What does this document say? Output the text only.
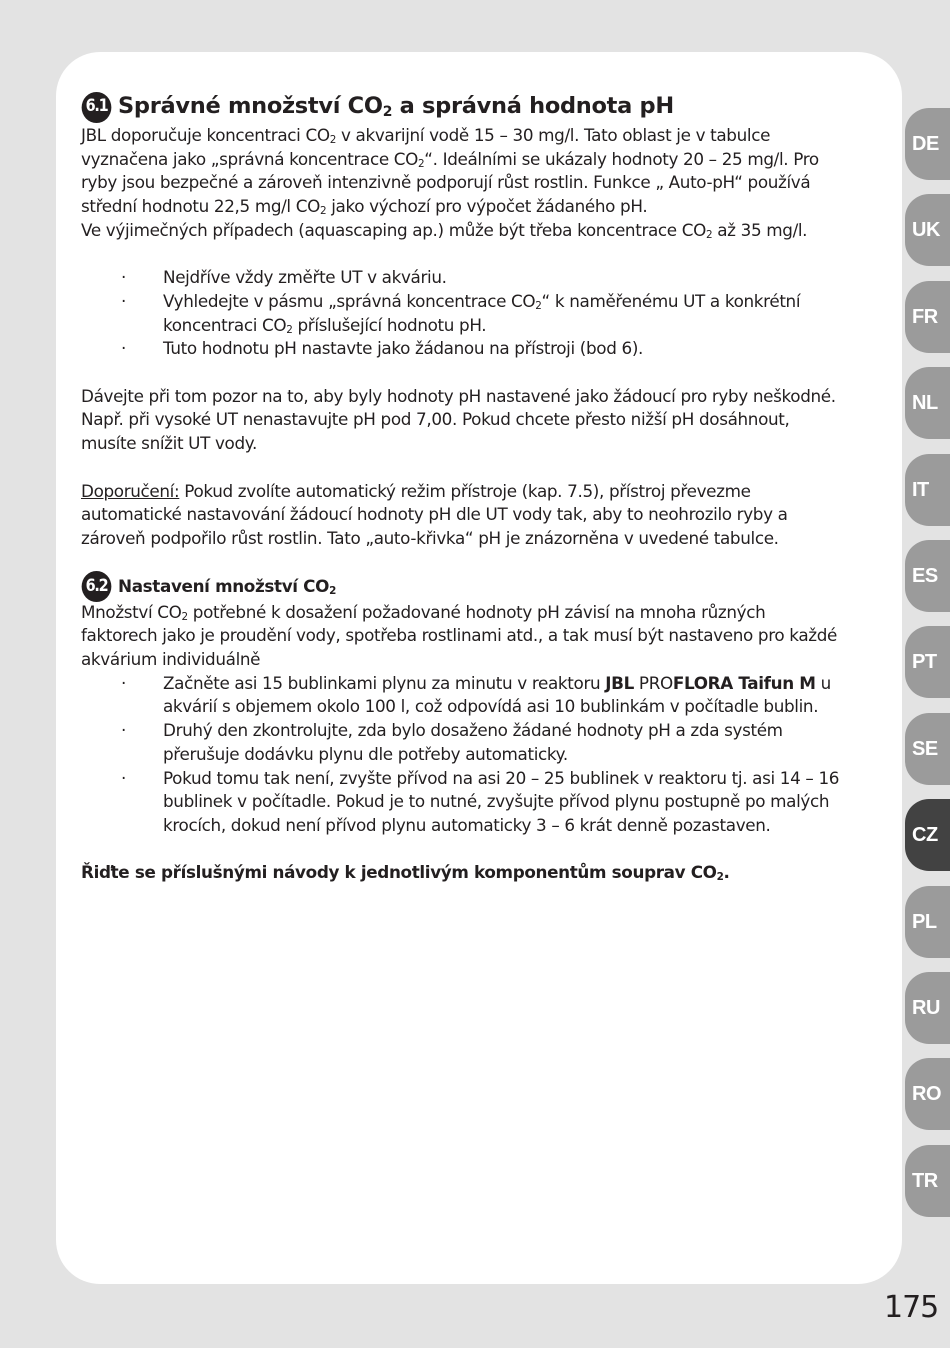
6.1 Správné množství $CO_2$ a správná hodnota pH

JBL doporučuje koncentraci $CO_2$ v akvarijní vodě 15 – 30 mg/l. Tato oblast je v tabulce

vyznačena jako „správná koncentrace $CO_2“$. Ideálními se ukázaly hodnoty 20 – 25 mg/l. Pro

ryby jsou bezpečné a zároveň intenzivně podporují růst rostlin. Funkce „ Auto-pH“ používá

střední hodnotu 22,5 mg/l $CO_2$ jako výchozí pro výpočet žádaného pH.

Ve výjimečných případech (aquascaping ap.) může být třeba koncentrace $CO_2$ až 35 mg/l.

· Nejdříve vždy změřte UT v akváriu.
· Vyhledejte v pásmu „správná koncentrace $CO_2“$ k naměřenému UT a konkrétní
koncentraci $CO_2$ příslušející hodnotu pH.
· Tuto hodnotu pH nastavte jako žádanou na přístroji (bod 6).

Dávejte při tom pozor na to, aby byly hodnoty pH nastavené jako žádoucí pro ryby neškodné.

Např. při vysoké UT nenastavujte pH pod 7,00. Pokud chcete přesto nižší pH dosáhnout,

musíte snížit UT vody.

Doporučení: Pokud zvolíte automatický režim přístroje (kap. 7.5), přístroj převezme

automatické nastavování žádoucí hodnoty pH dle UT vody tak, aby to neohrozilo ryby a

zároveň podpořilo růst rostlin. Tato „auto-křivka“ pH je znázorněna v uvedené tabulce.

6.2 Nastavení množství $CO_2$

Množství $CO_2$ potřebné k dosažení požadované hodnoty pH závisí na mnoha různých

faktorech jako je proudění vody, spotřeba rostlinami atd., a tak musí být nastaveno pro každé

akvárium individuálně

· Začněte asi 15 bublinkami plynu za minutu v reaktoru JBL PROFLORA Taifun M u
akvárií s objemem okolo 100 l, což odpovídá asi 10 bublinkám v počítadle bublin.
· Druhý den zkontrolujte, zda bylo dosaženo žádané hodnoty pH a zda systém
přerušuje dodávku plynu dle potřeby automaticky.
· Pokud tomu tak není, zvyšte přívod na asi 20 – 25 bublinek v reaktoru tj. asi 14 – 16
bublinek v počítadle. Pokud je to nutné, zvyšujte přívod plynu postupně po malých
krocích, dokud není přívod plynu automaticky 3 – 6 krát denně pozastaven.

Řiďte se příslušnými návody k jednotlivým komponentům souprav $CO_2$.

DE
UK
FR
NL
IT
ES
PT
SE
CZ
PL
RU
RO
TR
175
